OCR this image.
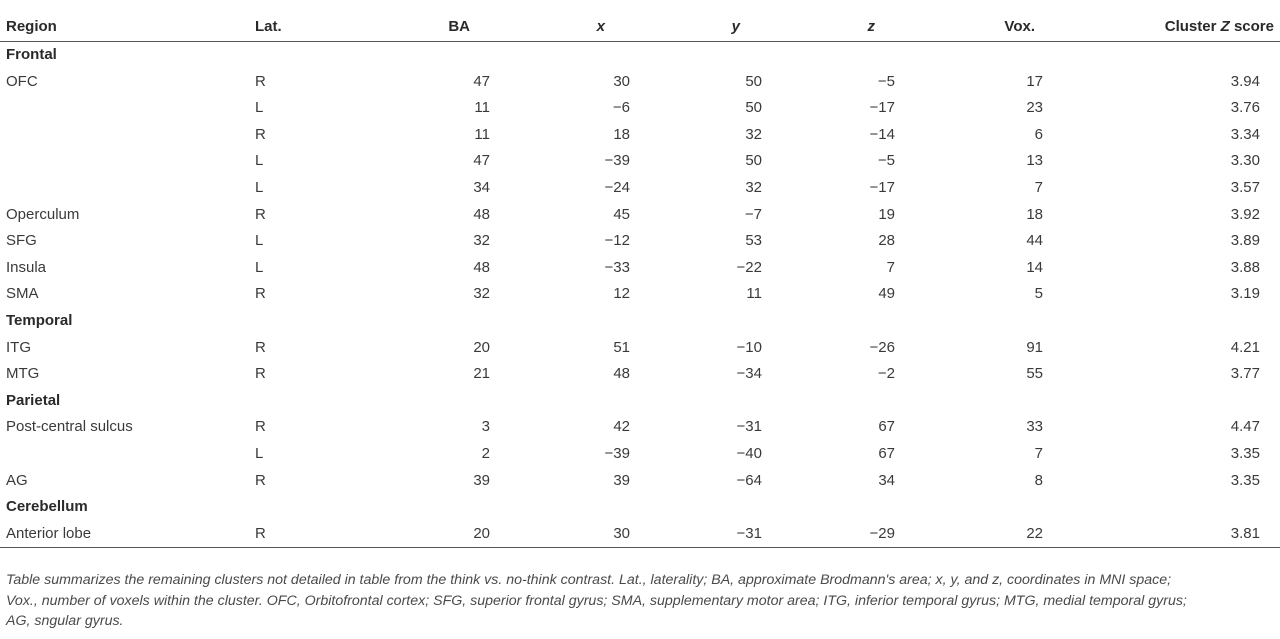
Region	Lat.	BA	x	y	z	Vox.	Cluster Z score
Frontal							
OFC	R	47	30	50	−5	17	3.94
	L	11	−6	50	−17	23	3.76
	R	11	18	32	−14	6	3.34
	L	47	−39	50	−5	13	3.30
	L	34	−24	32	−17	7	3.57
Operculum	R	48	45	−7	19	18	3.92
SFG	L	32	−12	53	28	44	3.89
Insula	L	48	−33	−22	7	14	3.88
SMA	R	32	12	11	49	5	3.19
Temporal							
ITG	R	20	51	−10	−26	91	4.21
MTG	R	21	48	−34	−2	55	3.77
Parietal							
Post-central sulcus	R	3	42	−31	67	33	4.47
	L	2	−39	−40	67	7	3.35
AG	R	39	39	−64	34	8	3.35
Cerebellum							
Anterior lobe	R	20	30	−31	−29	22	3.81
Table summarizes the remaining clusters not detailed in table from the think vs. no-think contrast. Lat., laterality; BA, approximate Brodmann's area; x, y, and z, coordinates in MNI space; Vox., number of voxels within the cluster. OFC, Orbitofrontal cortex; SFG, superior frontal gyrus; SMA, supplementary motor area; ITG, inferior temporal gyrus; MTG, medial temporal gyrus; AG, sngular gyrus.
